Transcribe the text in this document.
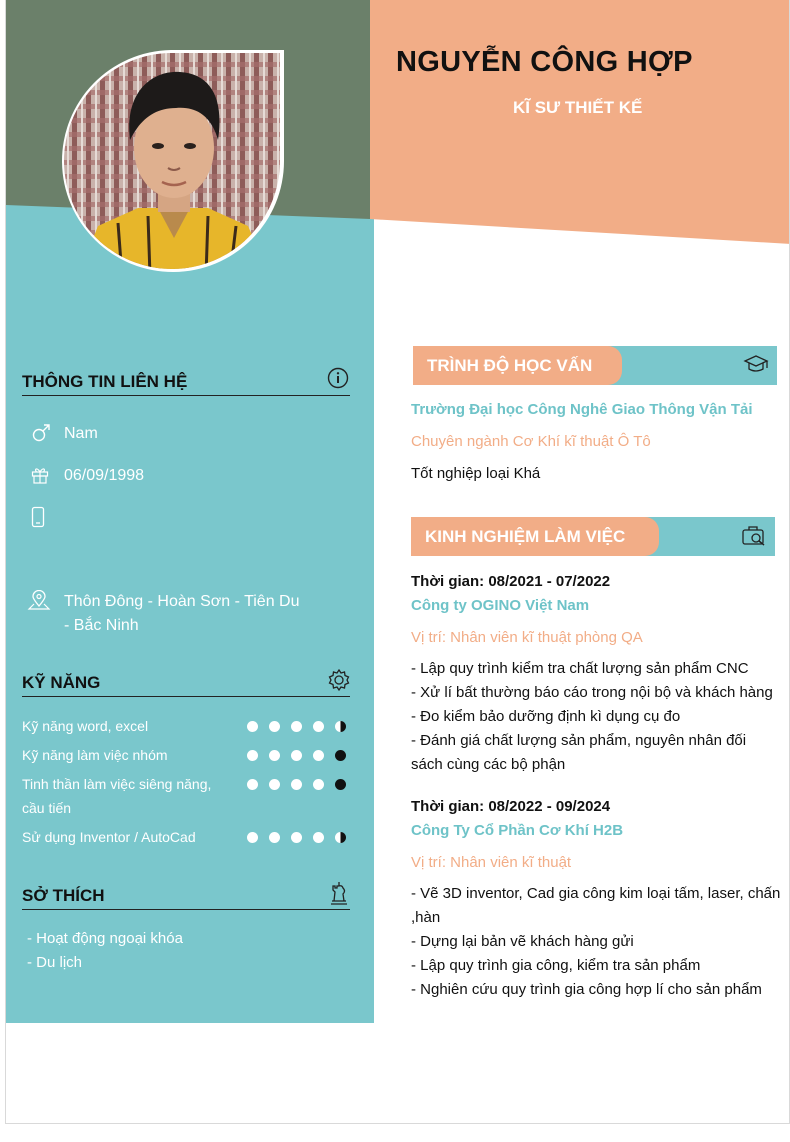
NGUYỄN CÔNG HỢP
KĨ SƯ THIẾT KẾ
THÔNG TIN LIÊN HỆ
Nam
06/09/1998
Thôn Đông - Hoàn Sơn - Tiên Du
- Bắc Ninh
KỸ NĂNG
Kỹ năng word, excel
Kỹ năng làm việc nhóm
Tinh thần làm việc siêng năng,
cầu tiến
Sử dụng Inventor / AutoCad
SỞ THÍCH
- Hoạt động ngoại khóa
- Du lịch
TRÌNH ĐỘ HỌC VẤN
Trường Đại học Công Nghê Giao Thông Vận Tải
Chuyên ngành Cơ Khí kĩ thuật Ô Tô
Tốt nghiệp loại Khá
KINH NGHIỆM LÀM VIỆC
Thời gian: 08/2021 - 07/2022
Công ty OGINO Việt Nam
Vị trí: Nhân viên kĩ thuật phòng QA
- Lập quy trình kiểm tra chất lượng sản phẩm CNC
- Xử lí bất thường báo cáo trong nội bộ và khách hàng
- Đo kiểm bảo dưỡng định kì dụng cụ đo
- Đánh giá chất lượng sản phẩm, nguyên nhân đối sách cùng các bộ phận
Thời gian: 08/2022 - 09/2024
Công Ty Cổ Phần Cơ Khí H2B
Vị trí: Nhân viên kĩ thuật
- Vẽ 3D inventor, Cad gia công kim loại tấm, laser, chấn ,hàn
- Dựng lại bản vẽ khách hàng gửi
- Lập quy trình gia công, kiểm tra sản phẩm
- Nghiên cứu quy trình gia công hợp lí cho sản phẩm
